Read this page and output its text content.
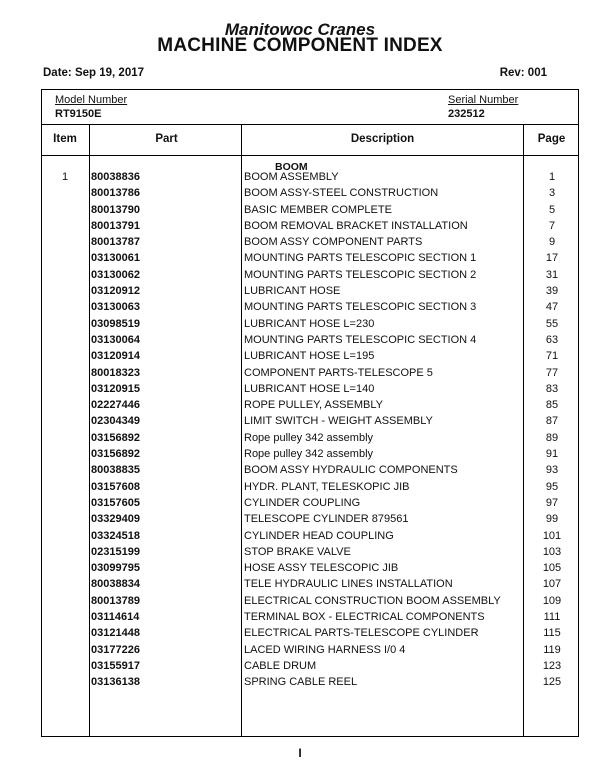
Manitowoc Cranes
MACHINE COMPONENT INDEX
Date: Sep 19, 2017	Rev: 001
Model Number
RT9150E
Serial Number
232512
Item	Part	Description	Page
BOOM
1	80038836	BOOM ASSEMBLY	1
80013786	BOOM ASSY-STEEL CONSTRUCTION	3
80013790	BASIC MEMBER COMPLETE	5
80013791	BOOM REMOVAL BRACKET INSTALLATION	7
80013787	BOOM ASSY COMPONENT PARTS	9
03130061	MOUNTING PARTS TELESCOPIC SECTION 1	17
03130062	MOUNTING PARTS TELESCOPIC SECTION 2	31
03120912	LUBRICANT HOSE	39
03130063	MOUNTING PARTS TELESCOPIC SECTION 3	47
03098519	LUBRICANT HOSE L=230	55
03130064	MOUNTING PARTS TELESCOPIC SECTION 4	63
03120914	LUBRICANT HOSE L=195	71
80018323	COMPONENT PARTS-TELESCOPE 5	77
03120915	LUBRICANT HOSE L=140	83
02227446	ROPE PULLEY, ASSEMBLY	85
02304349	LIMIT SWITCH - WEIGHT ASSEMBLY	87
03156892	Rope pulley 342 assembly	89
03156892	Rope pulley 342 assembly	91
80038835	BOOM ASSY HYDRAULIC COMPONENTS	93
03157608	HYDR. PLANT, TELESKOPIC JIB	95
03157605	CYLINDER COUPLING	97
03329409	TELESCOPE CYLINDER 879561	99
03324518	CYLINDER HEAD COUPLING	101
02315199	STOP BRAKE VALVE	103
03099795	HOSE ASSY TELESCOPIC JIB	105
80038834	TELE HYDRAULIC LINES INSTALLATION	107
80013789	ELECTRICAL CONSTRUCTION BOOM ASSEMBLY	109
03114614	TERMINAL BOX - ELECTRICAL COMPONENTS	111
03121448	ELECTRICAL PARTS-TELESCOPE CYLINDER	115
03177226	LACED WIRING HARNESS I/0 4	119
03155917	CABLE DRUM	123
03136138	SPRING CABLE REEL	125
I
